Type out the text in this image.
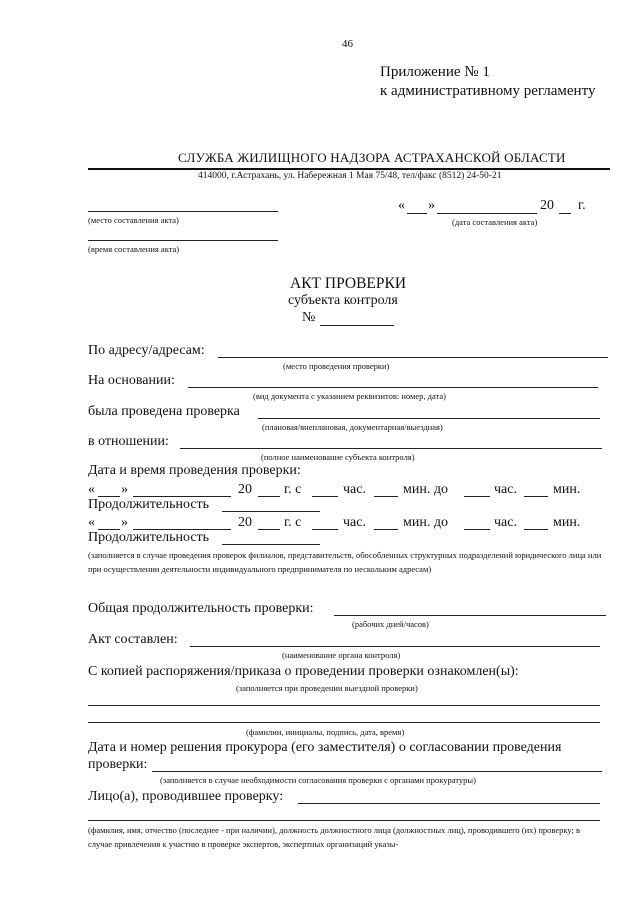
46
Приложение № 1
к административному регламенту
СЛУЖБА ЖИЛИЩНОГО НАДЗОРА АСТРАХАНСКОЙ ОБЛАСТИ
414000, г.Астрахань, ул. Набережная 1 Мая 75/48, тел/факс (8512) 24-50-21
(место составления акта)
« »	20 г.
(дата составления акта)
(время составления акта)
АКТ ПРОВЕРКИ
субъекта контроля
№
По адресу/адресам:
(место проведения проверки)
На основании:
(вид документа с указанием реквизитов: номер, дата)
была проведена проверка
(плановая/внеплановая, документарная/выездная)
в отношении:
(полное наименование субъекта контроля)
Дата и время проведения проверки:
« »	20 г. с	час.	мин. до	час.	мин.
Продолжительность
« »	20 г. с	час.	мин. до	час.	мин.
Продолжительность
(заполняется в случае проведения проверок филиалов, представительств, обособленных структурных подразделений юридического лица или при осуществлении деятельности индивидуального предпринимателя по нескольким адресам)
Общая продолжительность проверки:
(рабочих дней/часов)
Акт составлен:
(наименование органа контроля)
С копией распоряжения/приказа о проведении проверки ознакомлен(ы):
(заполняется при проведении выездной проверки)
(фамилии, инициалы, подпись, дата, время)
Дата и номер решения прокурора (его заместителя) о согласовании проведения
проверки:
(заполняется в случае необходимости согласования проверки с органами прокуратуры)
Лицо(а), проводившее проверку:
(фамилия, имя, отчество (последнее - при наличии), должность должностного лица (должностных лиц), проводившего (их) проверку; в случае привлечения к участию в проверке экспертов, экспертных организаций указы-
